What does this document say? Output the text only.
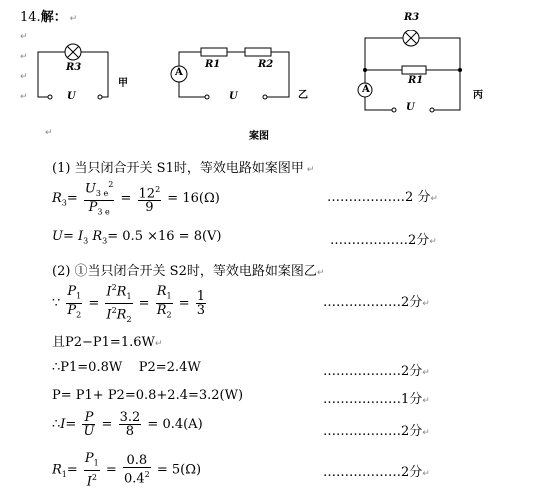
14.解： ↵
↵
↵
↵
↵
R3
U
甲
A
R1	R2
U	乙
R3
A
R1
U
丙
案图
↵
(1) 当只闭合开关 S1时，等效电路如案图甲 ↵
$R_3= \frac{U_{3 e}^2}{P_{3 e}} = \frac{12^2}{9} = 16(\Omega)$	………………2 分↵
$U= I_3$ $R_3= 0.5 \times 16 = 8(V)$	………………2分↵
(2) ①当只闭合开关 S2时，等效电路如案图乙↵
∵ $\frac{P_1}{P_2} = \frac{I^2R_1}{I^2R_2} = \frac{R_1}{R_2} = \frac{1}{3}$	………………2分↵
且P2−P1=1.6W↵
∴P1=0.8W P2=2.4W	………………2分↵
P= P1+ P2=0.8+2.4=3.2(W)	………………1分↵
∴I= $\frac{P}{U} = \frac{3.2}{8} = 0.4(A)$	………………2分↵
$R_1= \frac{P_1}{I^2} = \frac{0.8}{0.4^2} = 5(\Omega)$	………………2分↵
